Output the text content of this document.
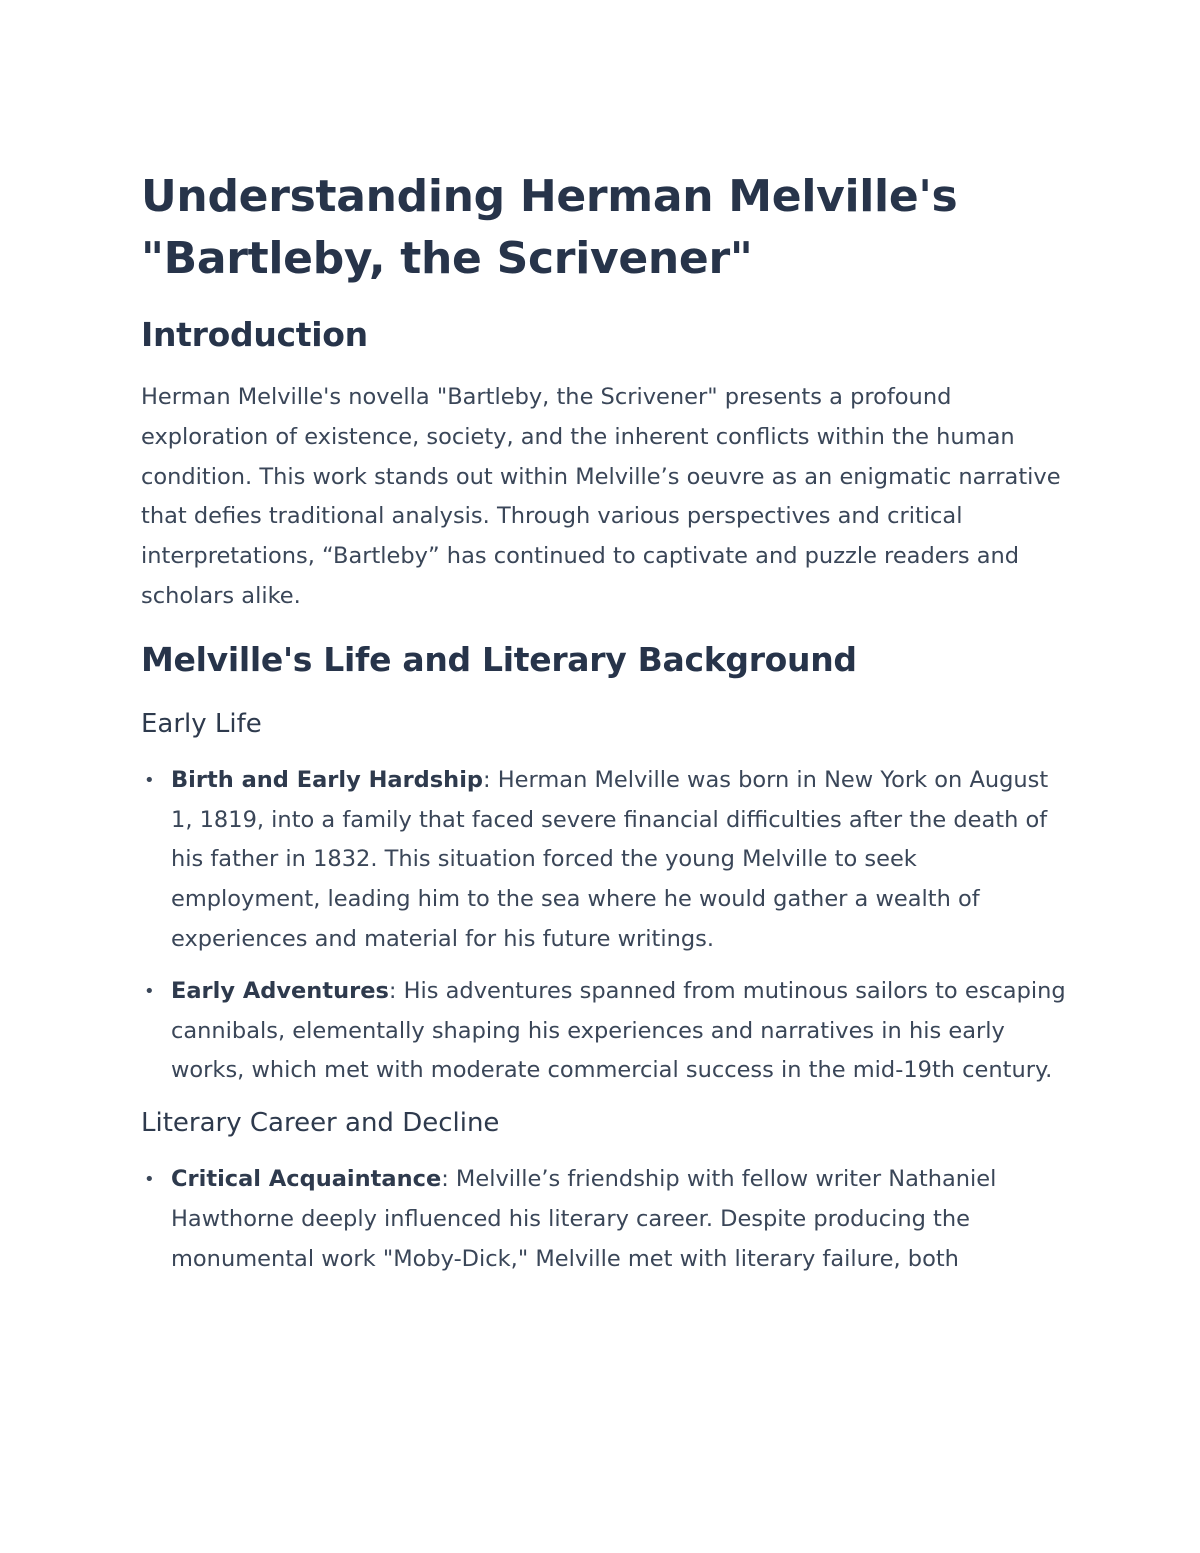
Understanding Herman Melville's "Bartleby, the Scrivener"
Introduction

Herman Melville's novella "Bartleby, the Scrivener" presents a profound exploration of existence, society, and the inherent conflicts within the human condition. This work stands out within Melville’s oeuvre as an enigmatic narrative that defies traditional analysis. Through various perspectives and critical interpretations, “Bartleby” has continued to captivate and puzzle readers and scholars alike.

Melville's Life and Literary Background
Early Life
• Birth and Early Hardship: Herman Melville was born in New York on August 1, 1819, into a family that faced severe financial difficulties after the death of his father in 1832. This situation forced the young Melville to seek employment, leading him to the sea where he would gather a wealth of experiences and material for his future writings.
• Early Adventures: His adventures spanned from mutinous sailors to escaping cannibals, elementally shaping his experiences and narratives in his early works, which met with moderate commercial success in the mid-19th century.
Literary Career and Decline
• Critical Acquaintance: Melville’s friendship with fellow writer Nathaniel Hawthorne deeply influenced his literary career. Despite producing the monumental work "Moby-Dick," Melville met with literary failure, both
